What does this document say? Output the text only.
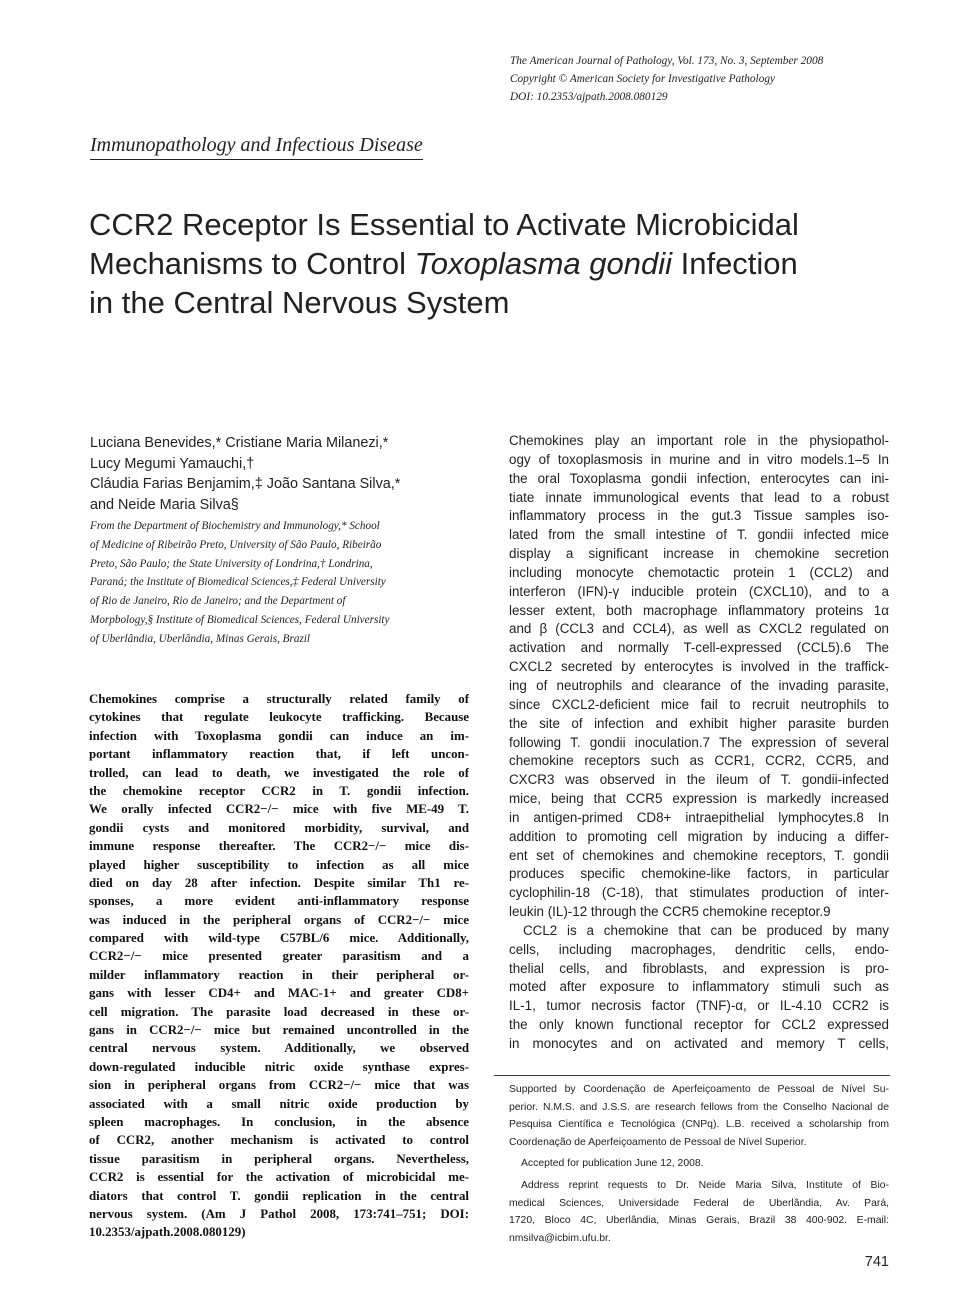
The American Journal of Pathology, Vol. 173, No. 3, September 2008
Copyright © American Society for Investigative Pathology
DOI: 10.2353/ajpath.2008.080129
Immunopathology and Infectious Disease
CCR2 Receptor Is Essential to Activate Microbicidal
Mechanisms to Control Toxoplasma gondii Infection
in the Central Nervous System
Luciana Benevides,* Cristiane Maria Milanezi,*
Lucy Megumi Yamauchi,†
Cláudia Farias Benjamim,‡ João Santana Silva,*
and Neide Maria Silva§
From the Department of Biochemistry and Immunology,* School
of Medicine of Ribeirão Preto, University of São Paulo, Ribeirão
Preto, São Paulo; the State University of Londrina,† Londrina,
Paraná; the Institute of Biomedical Sciences,‡ Federal University
of Rio de Janeiro, Rio de Janeiro; and the Department of
Morpbology,§ Institute of Biomedical Sciences, Federal University
of Uberlândia, Uberlândia, Minas Gerais, Brazil
Chemokines comprise a structurally related family of
cytokines that regulate leukocyte trafficking. Because
infection with Toxoplasma gondii can induce an im-
portant inflammatory reaction that, if left uncon-
trolled, can lead to death, we investigated the role of
the chemokine receptor CCR2 in T. gondii infection.
We orally infected CCR2−/− mice with five ME-49 T.
gondii cysts and monitored morbidity, survival, and
immune response thereafter. The CCR2−/− mice dis-
played higher susceptibility to infection as all mice
died on day 28 after infection. Despite similar Th1 re-
sponses, a more evident anti-inflammatory response
was induced in the peripheral organs of CCR2−/− mice
compared with wild-type C57BL/6 mice. Additionally,
CCR2−/− mice presented greater parasitism and a
milder inflammatory reaction in their peripheral or-
gans with lesser CD4+ and MAC-1+ and greater CD8+
cell migration. The parasite load decreased in these or-
gans in CCR2−/− mice but remained uncontrolled in the
central nervous system. Additionally, we observed
down-regulated inducible nitric oxide synthase expres-
sion in peripheral organs from CCR2−/− mice that was
associated with a small nitric oxide production by
spleen macrophages. In conclusion, in the absence
of CCR2, another mechanism is activated to control
tissue parasitism in peripheral organs. Nevertheless,
CCR2 is essential for the activation of microbicidal me-
diators that control T. gondii replication in the central
nervous system. (Am J Pathol 2008, 173:741–751; DOI:
10.2353/ajpath.2008.080129)
Chemokines play an important role in the physiopathol-
ogy of toxoplasmosis in murine and in vitro models.1–5 In
the oral Toxoplasma gondii infection, enterocytes can ini-
tiate innate immunological events that lead to a robust
inflammatory process in the gut.3 Tissue samples iso-
lated from the small intestine of T. gondii infected mice
display a significant increase in chemokine secretion
including monocyte chemotactic protein 1 (CCL2) and
interferon (IFN)-γ inducible protein (CXCL10), and to a
lesser extent, both macrophage inflammatory proteins 1α
and β (CCL3 and CCL4), as well as CXCL2 regulated on
activation and normally T-cell-expressed (CCL5).6 The
CXCL2 secreted by enterocytes is involved in the traffick-
ing of neutrophils and clearance of the invading parasite,
since CXCL2-deficient mice fail to recruit neutrophils to
the site of infection and exhibit higher parasite burden
following T. gondii inoculation.7 The expression of several
chemokine receptors such as CCR1, CCR2, CCR5, and
CXCR3 was observed in the ileum of T. gondii-infected
mice, being that CCR5 expression is markedly increased
in antigen-primed CD8+ intraepithelial lymphocytes.8 In
addition to promoting cell migration by inducing a differ-
ent set of chemokines and chemokine receptors, T. gondii
produces specific chemokine-like factors, in particular
cyclophilin-18 (C-18), that stimulates production of inter-
leukin (IL)-12 through the CCR5 chemokine receptor.9
CCL2 is a chemokine that can be produced by many
cells, including macrophages, dendritic cells, endo-
thelial cells, and fibroblasts, and expression is pro-
moted after exposure to inflammatory stimuli such as
IL-1, tumor necrosis factor (TNF)-α, or IL-4.10 CCR2 is
the only known functional receptor for CCL2 expressed
in monocytes and on activated and memory T cells,
Supported by Coordenação de Aperfeiçoamento de Pessoal de Nível Su-
perior. N.M.S. and J.S.S. are research fellows from the Conselho Nacional de
Pesquisa Científica e Tecnológica (CNPq). L.B. received a scholarship from
Coordenação de Aperfeiçoamento de Pessoal de Nível Superior.
Accepted for publication June 12, 2008.
Address reprint requests to Dr. Neide Maria Silva, Institute of Bio-
medical Sciences, Universidade Federal de Uberlândia, Av. Pará,
1720, Bloco 4C, Uberlândia, Minas Gerais, Brazil 38 400-902. E-mail:
nmsilva@icbim.ufu.br.
741
